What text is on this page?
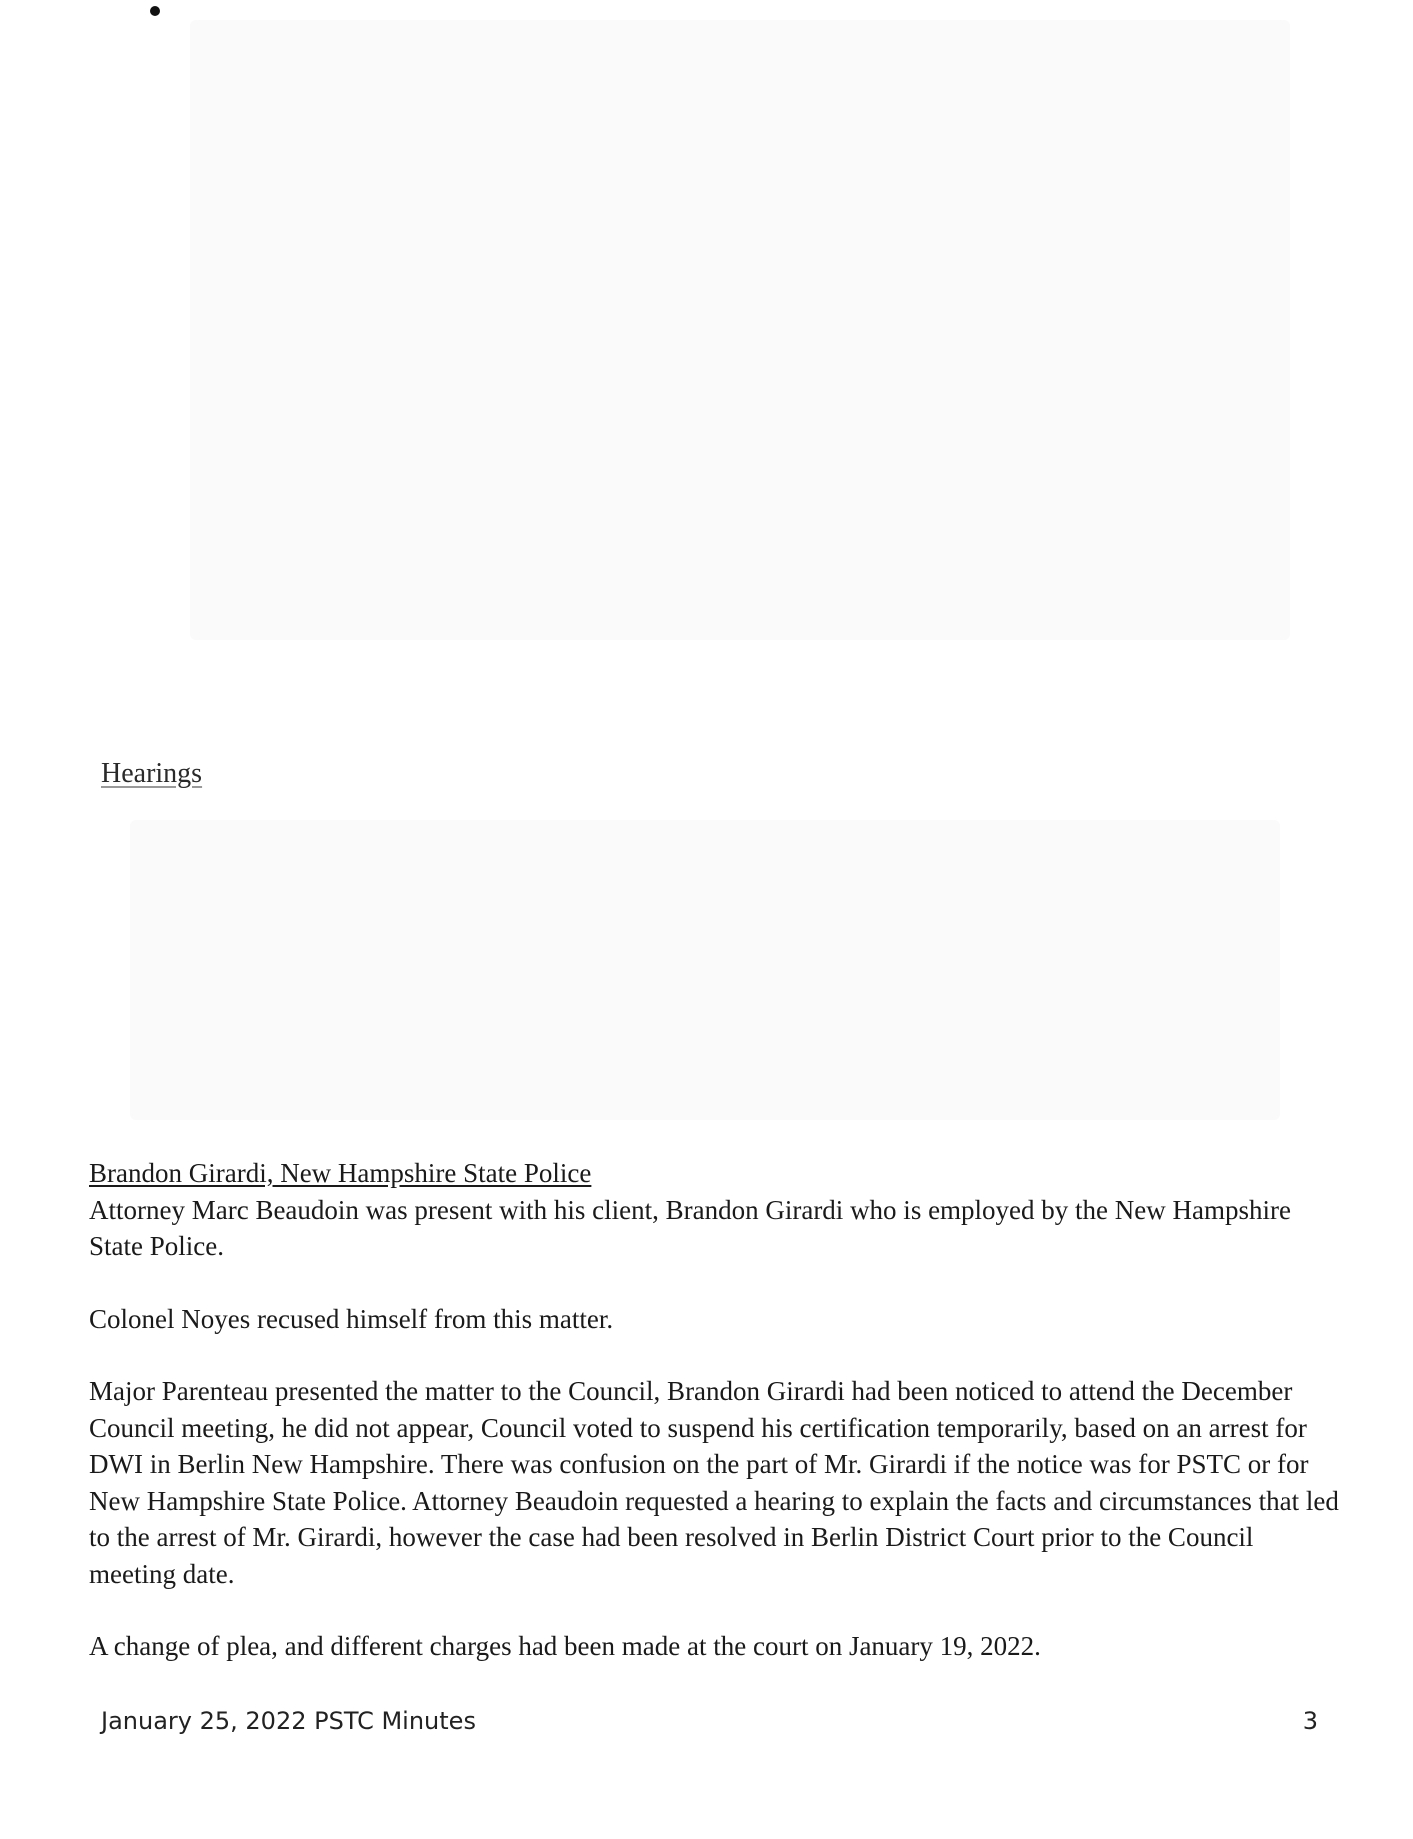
Hearings
Brandon Girardi, New Hampshire State Police

Attorney Marc Beaudoin was present with his client, Brandon Girardi who is employed by the New Hampshire State Police.

Colonel Noyes recused himself from this matter.

Major Parenteau presented the matter to the Council, Brandon Girardi had been noticed to attend the December Council meeting, he did not appear, Council voted to suspend his certification temporarily, based on an arrest for DWI in Berlin New Hampshire. There was confusion on the part of Mr. Girardi if the notice was for PSTC or for New Hampshire State Police. Attorney Beaudoin requested a hearing to explain the facts and circumstances that led to the arrest of Mr. Girardi, however the case had been resolved in Berlin District Court prior to the Council meeting date.

A change of plea, and different charges had been made at the court on January 19, 2022.

January 25, 2022 PSTC Minutes	3
